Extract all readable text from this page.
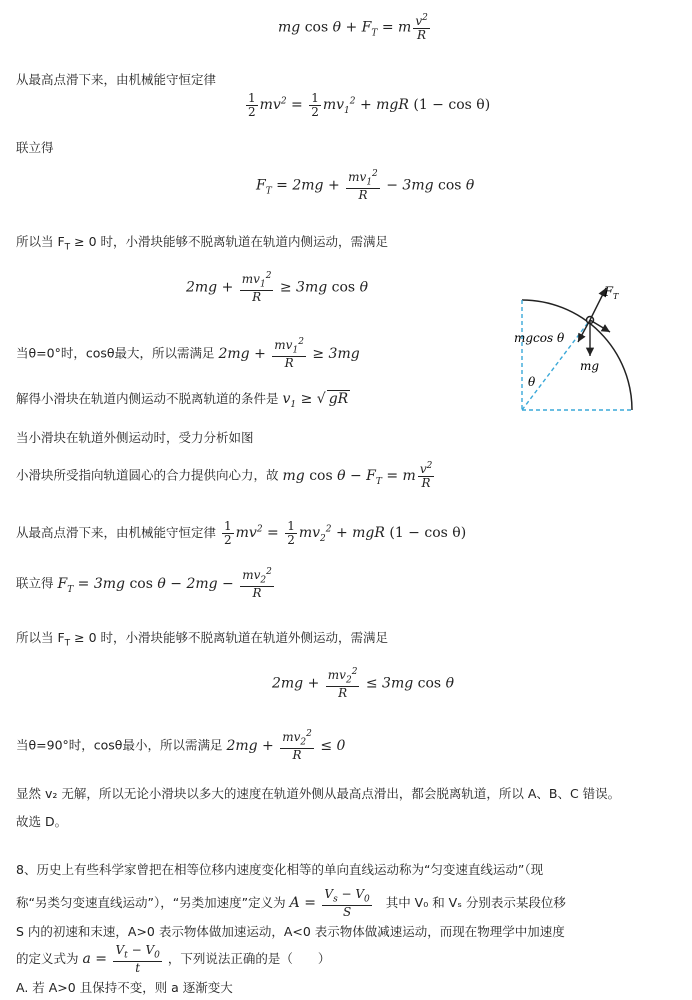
mg $\cos \theta + F_T = m \frac{v^2}{R}$
从最高点滑下来，由机械能守恒定律
$\frac{1}{2} mv^2 = \frac{1}{2} mv_1^2$ + mgR (1 − cos θ)
联立得
$F_T = 2mg + \frac{mv_1^2}{R} - 3mg$ cos θ
所以当 $F_T \ge 0$ 时，小滑块能够不脱离轨道在轨道内侧运动，需满足
$2mg + \frac{mv_1^2}{R} \ge 3mg$ cos θ
当θ=0°时，cosθ最大，所以需满足 $2mg + \frac{mv_1^2}{R} \ge 3mg$
解得小滑块在轨道内侧运动不脱离轨道的条件是 $v_1$ ≥ √ gR
当小滑块在轨道外侧运动时，受力分析如图
小滑块所受指向轨道圆心的合力提供向心力，故 mg $\cos \theta - F_T = m \frac{v^2}{R}$
从最高点滑下来，由机械能守恒定律 $\frac{1}{2} mv^2 = \frac{1}{2} mv_2^2$ + mgR (1 − cos θ)
联立得 $F_T = 3mg$ $\cos \theta - 2mg - \frac{mv_2^2}{R}$
所以当 $F_T \ge 0$ 时，小滑块能够不脱离轨道在轨道外侧运动，需满足
$2mg + \frac{mv_2^2}{R} \le 3mg$ cos θ
当θ=90°时，cosθ最小，所以需满足 $2mg + \frac{mv_2^2}{R} \le 0$
显然 v₂ 无解，所以无论小滑块以多大的速度在轨道外侧从最高点滑出，都会脱离轨道，所以 A、B、C 错误。
故选 D。
8、历史上有些科学家曾把在相等位移内速度变化相等的单向直线运动称为“匀变速直线运动”（现
称“另类匀变速直线运动”），“另类加速度”定义为 $A = \frac{V_s - V_0}{S}$ 其中 V₀ 和 Vₛ 分别表示某段位移
S 内的初速和末速，A>0 表示物体做加速运动，A<0 表示物体做减速运动，而现在物理学中加速度
的定义式为 $a = \frac{V_t - V_0}{t}$ ，下列说法正确的是（　　）
A. 若 A>0 且保持不变，则 a 逐渐变大
$F_T$
mgcos θ
mg
θ
